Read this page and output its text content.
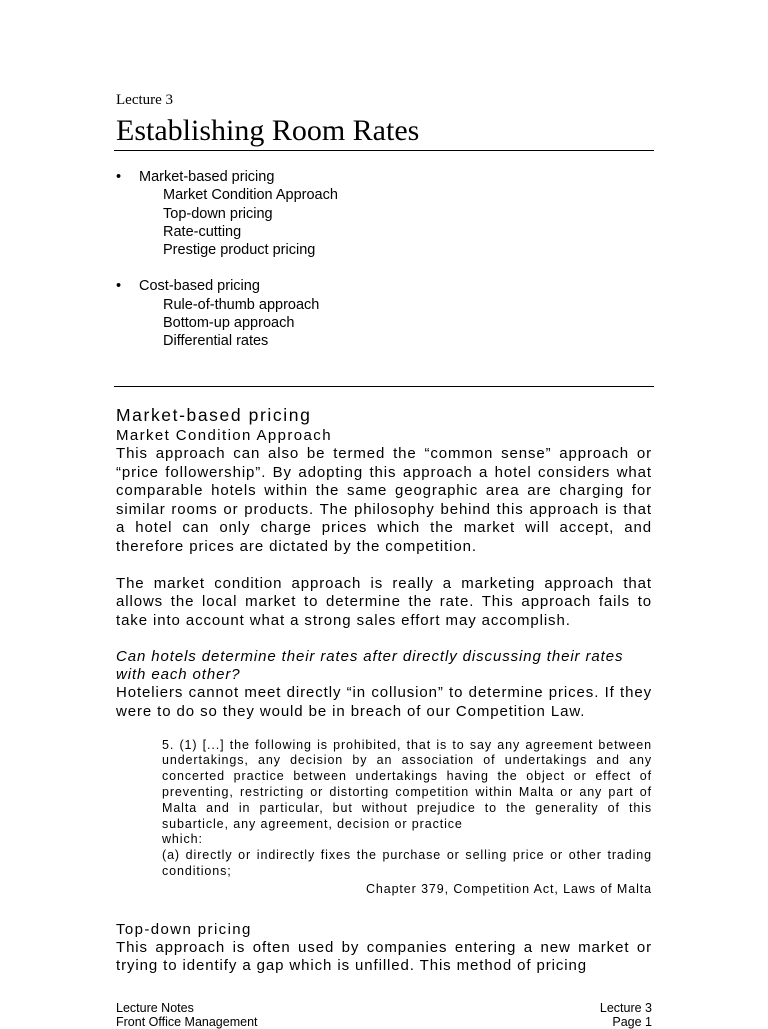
Lecture 3
Establishing Room Rates
• Market-based pricing
Market Condition Approach
Top-down pricing
Rate-cutting
Prestige product pricing
• Cost-based pricing
Rule-of-thumb approach
Bottom-up approach
Differential rates
Market-based pricing
Market Condition Approach

This approach can also be termed the “common sense” approach or “price followership”. By adopting this approach a hotel considers what comparable hotels within the same geographic area are charging for similar rooms or products. The philosophy behind this approach is that a hotel can only charge prices which the market will accept, and therefore prices are dictated by the competition.

The market condition approach is really a marketing approach that allows the local market to determine the rate. This approach fails to take into account what a strong sales effort may accomplish.

Can hotels determine their rates after directly discussing their rates with each other?

Hoteliers cannot meet directly “in collusion” to determine prices. If they were to do so they would be in breach of our Competition Law.

5. (1) [...] the following is prohibited, that is to say any agreement between undertakings, any decision by an association of undertakings and any concerted practice between undertakings having the object or effect of preventing, restricting or distorting competition within Malta or any part of Malta and in particular, but without prejudice to the generality of this subarticle, any agreement, decision or practice
which:
(a) directly or indirectly fixes the purchase or selling price or other trading conditions;
Chapter 379, Competition Act, Laws of Malta
Top-down pricing

This approach is often used by companies entering a new market or trying to identify a gap which is unfilled. This method of pricing

Lecture Notes
Front Office Management
Lecture 3
Page 1
